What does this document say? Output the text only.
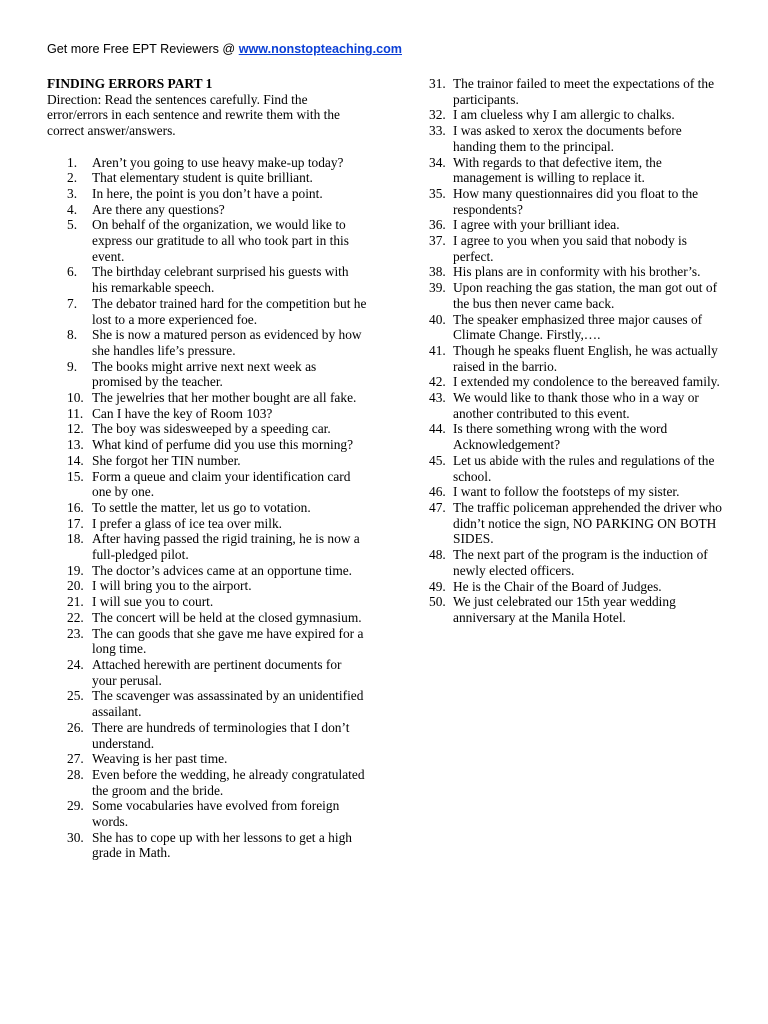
Get more Free EPT Reviewers @ www.nonstopteaching.com

FINDING ERRORS PART 1

Direction: Read the sentences carefully. Find the error/errors in each sentence and rewrite them with the correct answer/answers.

1. Aren’t you going to use heavy make-up today?
2. That elementary student is quite brilliant.
3. In here, the point is you don’t have a point.
4. Are there any questions?
5. On behalf of the organization, we would like to express our gratitude to all who took part in this event.
6. The birthday celebrant surprised his guests with his remarkable speech.
7. The debator trained hard for the competition but he lost to a more experienced foe.
8. She is now a matured person as evidenced by how she handles life’s pressure.
9. The books might arrive next next week as promised by the teacher.
10. The jewelries that her mother bought are all fake.
11. Can I have the key of Room 103?
12. The boy was sidesweeped by a speeding car.
13. What kind of perfume did you use this morning?
14. She forgot her TIN number.
15. Form a queue and claim your identification card one by one.
16. To settle the matter, let us go to votation.
17. I prefer a glass of ice tea over milk.
18. After having passed the rigid training, he is now a full-pledged pilot.
19. The doctor’s advices came at an opportune time.
20. I will bring you to the airport.
21. I will sue you to court.
22. The concert will be held at the closed gymnasium.
23. The can goods that she gave me have expired for a long time.
24. Attached herewith are pertinent documents for your perusal.
25. The scavenger was assassinated by an unidentified assailant.
26. There are hundreds of terminologies that I don’t understand.
27. Weaving is her past time.
28. Even before the wedding, he already congratulated the groom and the bride.
29. Some vocabularies have evolved from foreign words.
30. She has to cope up with her lessons to get a high grade in Math.
31. The trainor failed to meet the expectations of the participants.
32. I am clueless why I am allergic to chalks.
33. I was asked to xerox the documents before handing them to the principal.
34. With regards to that defective item, the management is willing to replace it.
35. How many questionnaires did you float to the respondents?
36. I agree with your brilliant idea.
37. I agree to you when you said that nobody is perfect.
38. His plans are in conformity with his brother’s.
39. Upon reaching the gas station, the man got out of the bus then never came back.
40. The speaker emphasized three major causes of Climate Change. Firstly,….
41. Though he speaks fluent English, he was actually raised in the barrio.
42. I extended my condolence to the bereaved family.
43. We would like to thank those who in a way or another contributed to this event.
44. Is there something wrong with the word Acknowledgement?
45. Let us abide with the rules and regulations of the school.
46. I want to follow the footsteps of my sister.
47. The traffic policeman apprehended the driver who didn’t notice the sign, NO PARKING ON BOTH SIDES.
48. The next part of the program is the induction of newly elected officers.
49. He is the Chair of the Board of Judges.
50. We just celebrated our 15th year wedding anniversary at the Manila Hotel.
